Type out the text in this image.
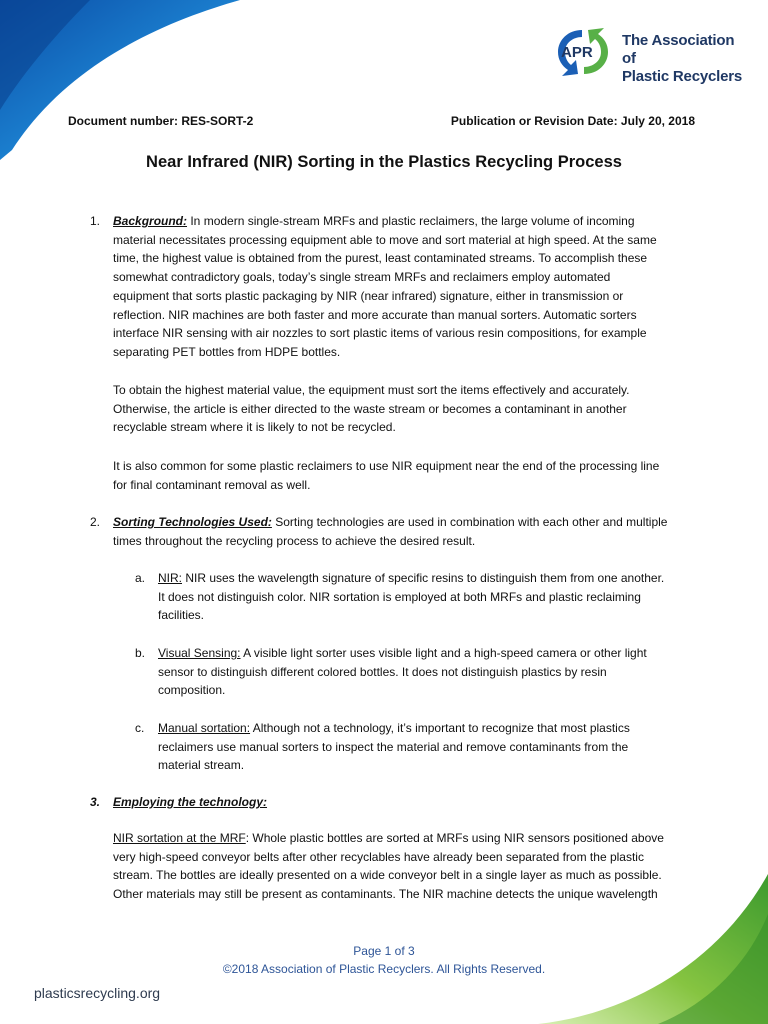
APR
The Association of
Plastic Recyclers
Document number: RES-SORT-2	Publication or Revision Date: July 20, 2018
Near Infrared (NIR) Sorting in the Plastics Recycling Process
1. Background: In modern single-stream MRFs and plastic reclaimers, the large volume of incoming
material necessitates processing equipment able to move and sort material at high speed. At the same
time, the highest value is obtained from the purest, least contaminated streams. To accomplish these
somewhat contradictory goals, today’s single stream MRFs and reclaimers employ automated
equipment that sorts plastic packaging by NIR (near infrared) signature, either in transmission or
reflection. NIR machines are both faster and more accurate than manual sorters. Automatic sorters
interface NIR sensing with air nozzles to sort plastic items of various resin compositions, for example
separating PET bottles from HDPE bottles.
To obtain the highest material value, the equipment must sort the items effectively and accurately.
Otherwise, the article is either directed to the waste stream or becomes a contaminant in another
recyclable stream where it is likely to not be recycled.
It is also common for some plastic reclaimers to use NIR equipment near the end of the processing line
for final contaminant removal as well.
2. Sorting Technologies Used: Sorting technologies are used in combination with each other and multiple
times throughout the recycling process to achieve the desired result.
a. NIR: NIR uses the wavelength signature of specific resins to distinguish them from one another.
It does not distinguish color. NIR sortation is employed at both MRFs and plastic reclaiming
facilities.
b. Visual Sensing: A visible light sorter uses visible light and a high-speed camera or other light
sensor to distinguish different colored bottles. It does not distinguish plastics by resin
composition.
c. Manual sortation: Although not a technology, it’s important to recognize that most plastics
reclaimers use manual sorters to inspect the material and remove contaminants from the
material stream.
3. Employing the technology:
NIR sortation at the MRF: Whole plastic bottles are sorted at MRFs using NIR sensors positioned above
very high-speed conveyor belts after other recyclables have already been separated from the plastic
stream. The bottles are ideally presented on a wide conveyor belt in a single layer as much as possible.
Other materials may still be present as contaminants. The NIR machine detects the unique wavelength
Page 1 of 3
©2018 Association of Plastic Recyclers. All Rights Reserved.
plasticsrecycling.org
